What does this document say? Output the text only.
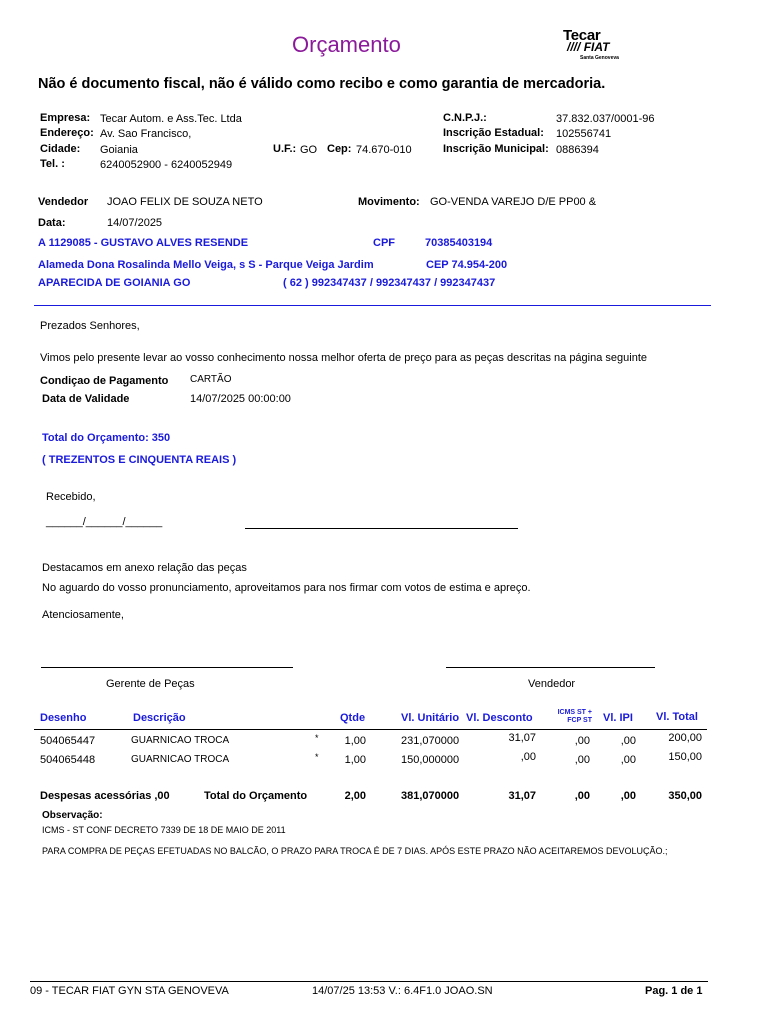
Orçamento	Tecar
//// FIAT
Santa Genoveva
Não é documento fiscal, não é válido como recibo e como garantia de mercadoria.
Empresa: Tecar Autom. e Ass.Tec. Ltda
Endereço: Av. Sao Francisco,
Cidade: Goiania	U.F.: GO Cep: 74.670-010
Tel. :	6240052900 - 6240052949
C.N.P.J.:	37.832.037/0001-96
Inscrição Estadual: 102556741
Inscrição Municipal: 0886394
Vendedor JOAO FELIX DE SOUZA NETO	Movimento: GO-VENDA VAREJO D/E PP00 &
Data:	14/07/2025
A 1129085 - GUSTAVO ALVES RESENDE	CPF	70385403194
Alameda Dona Rosalinda Mello Veiga, s S - Parque Veiga Jardim	CEP 74.954-200
APARECIDA DE GOIANIA GO	( 62 ) 992347437 / 992347437 / 992347437
Prezados Senhores,
Vimos pelo presente levar ao vosso conhecimento nossa melhor oferta de preço para as peças descritas na página seguinte
Condiçao de Pagamento CARTÃO
Data de Validade	14/07/2025 00:00:00
Total do Orçamento: 350
( TREZENTOS E CINQUENTA REAIS )
Recebido,
______/______/______
Destacamos em anexo relação das peças
No aguardo do vosso pronunciamento, aproveitamos para nos firmar com votos de estima e apreço.
Atenciosamente,
Gerente de Peças	Vendedor
Desenho	Descrição	Qtde	Vl. Unitário Vl. Desconto	ICMS ST +
FCP ST Vl. IPI Vl. Total
504065447	GUARNICAO TROCA	*	1,00	231,070000	31,07	,00	,00	200,00
504065448	GUARNICAO TROCA	*	1,00	150,000000	,00	,00	,00	150,00
Despesas acessórias ,00	Total do Orçamento	2,00	381,070000	31,07	,00	,00	350,00
Observação:
ICMS - ST CONF DECRETO 7339 DE 18 DE MAIO DE 2011
PARA COMPRA DE PEÇAS EFETUADAS NO BALCÃO, O PRAZO PARA TROCA É DE 7 DIAS. APÓS ESTE PRAZO NÃO ACEITAREMOS DEVOLUÇÃO.;
09 - TECAR FIAT GYN STA GENOVEVA	14/07/25 13:53 V.: 6.4F1.0 JOAO.SN	Pag. 1 de 1
